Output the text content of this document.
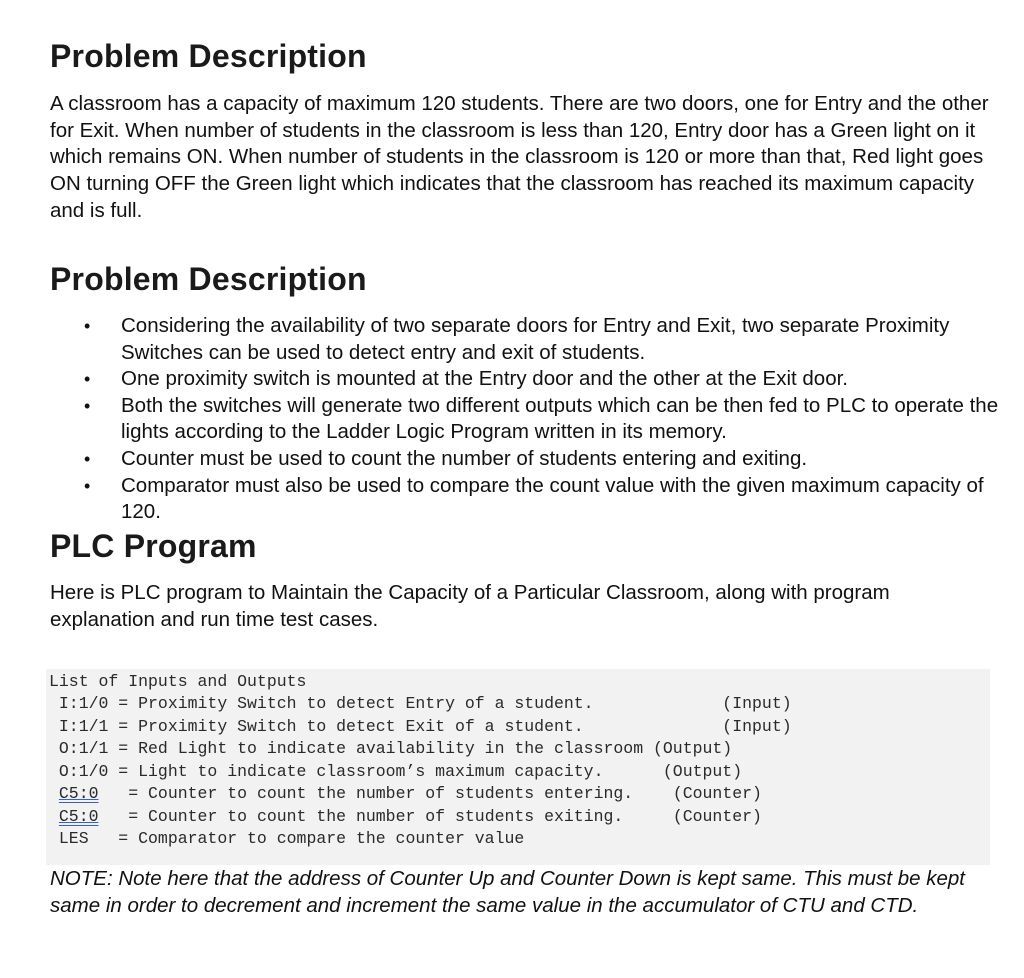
Problem Description

A classroom has a capacity of maximum 120 students. There are two doors, one for Entry and the other for Exit. When number of students in the classroom is less than 120, Entry door has a Green light on it which remains ON. When number of students in the classroom is 120 or more than that, Red light goes ON turning OFF the Green light which indicates that the classroom has reached its maximum capacity and is full.

Problem Description
• Considering the availability of two separate doors for Entry and Exit, two separate Proximity Switches can be used to detect entry and exit of students.
• One proximity switch is mounted at the Entry door and the other at the Exit door.
• Both the switches will generate two different outputs which can be then fed to PLC to operate the lights according to the Ladder Logic Program written in its memory.
• Counter must be used to count the number of students entering and exiting.
• Comparator must also be used to compare the count value with the given maximum capacity of 120.
PLC Program

Here is PLC program to Maintain the Capacity of a Particular Classroom, along with program explanation and run time test cases.

List of Inputs and Outputs
I:1/0 = Proximity Switch to detect Entry of a student.             (Input)
I:1/1 = Proximity Switch to detect Exit of a student.              (Input)
O:1/1 = Red Light to indicate availability in the classroom (Output)
O:1/0 = Light to indicate classroom’s maximum capacity.      (Output)
C5:0   = Counter to count the number of students entering.    (Counter)
C5:0   = Counter to count the number of students exiting.     (Counter)
LES   = Comparator to compare the counter value

NOTE: Note here that the address of Counter Up and Counter Down is kept same. This must be kept same in order to decrement and increment the same value in the accumulator of CTU and CTD.
